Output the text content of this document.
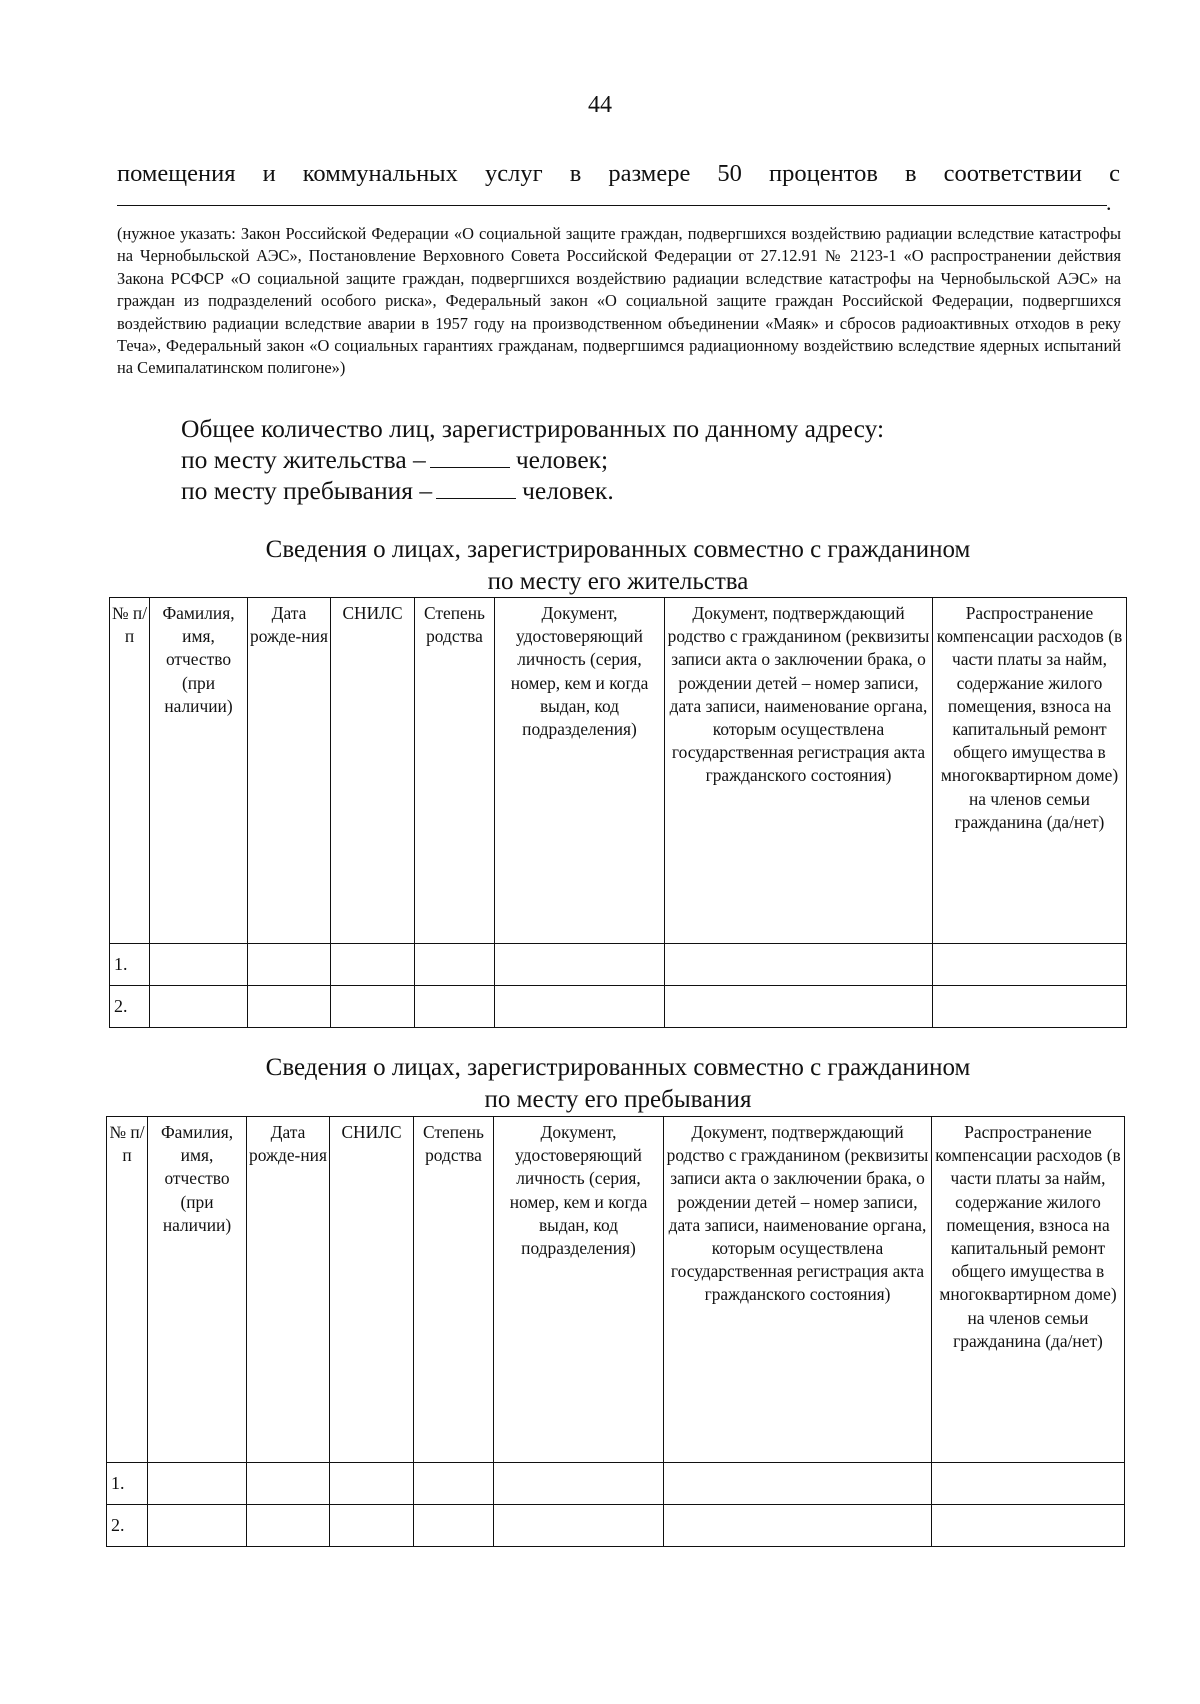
44
помещения и коммунальных услуг в размере 50 процентов в соответствии с
.
(нужное указать: Закон Российской Федерации «О социальной защите граждан, подвергшихся воздействию радиации вследствие катастрофы на Чернобыльской АЭС», Постановление Верховного Совета Российской Федерации от 27.12.91 № 2123-1 «О распространении действия Закона РСФСР «О социальной защите граждан, подвергшихся воздействию радиации вследствие катастрофы на Чернобыльской АЭС» на граждан из подразделений особого риска», Федеральный закон «О социальной защите граждан Российской Федерации, подвергшихся воздействию радиации вследствие аварии в 1957 году на производственном объединении «Маяк» и сбросов радиоактивных отходов в реку Теча», Федеральный закон «О социальных гарантиях гражданам, подвергшимся радиационному воздействию вследствие ядерных испытаний на Семипалатинском полигоне»)
Общее количество лиц, зарегистрированных по данному адресу:
по месту жительства –	человек;
по месту пребывания –	человек.
Сведения о лицах, зарегистрированных совместно с гражданином
по месту его жительства
№ п/п	Фамилия, имя, отчество (при наличии)	Дата рожде-ния	СНИЛС	Степень родства	Документ, удостоверяющий личность (серия, номер, кем и когда выдан, код подразделения)	Документ, подтверждающий родство с гражданином (реквизиты записи акта о заключении брака, о рождении детей – номер записи, дата записи, наименование органа, которым осуществлена государственная регистрация акта гражданского состояния)	Распространение компенсации расходов (в части платы за найм, содержание жилого помещения, взноса на капитальный ремонт общего имущества в многоквартирном доме) на членов семьи гражданина (да/нет)
1.							
2.							
Сведения о лицах, зарегистрированных совместно с гражданином
по месту его пребывания
№ п/п	Фамилия, имя, отчество (при наличии)	Дата рожде-ния	СНИЛС	Степень родства	Документ, удостоверяющий личность (серия, номер, кем и когда выдан, код подразделения)	Документ, подтверждающий родство с гражданином (реквизиты записи акта о заключении брака, о рождении детей – номер записи, дата записи, наименование органа, которым осуществлена государственная регистрация акта гражданского состояния)	Распространение компенсации расходов (в части платы за найм, содержание жилого помещения, взноса на капитальный ремонт общего имущества в многоквартирном доме) на членов семьи гражданина (да/нет)
1.							
2.							
